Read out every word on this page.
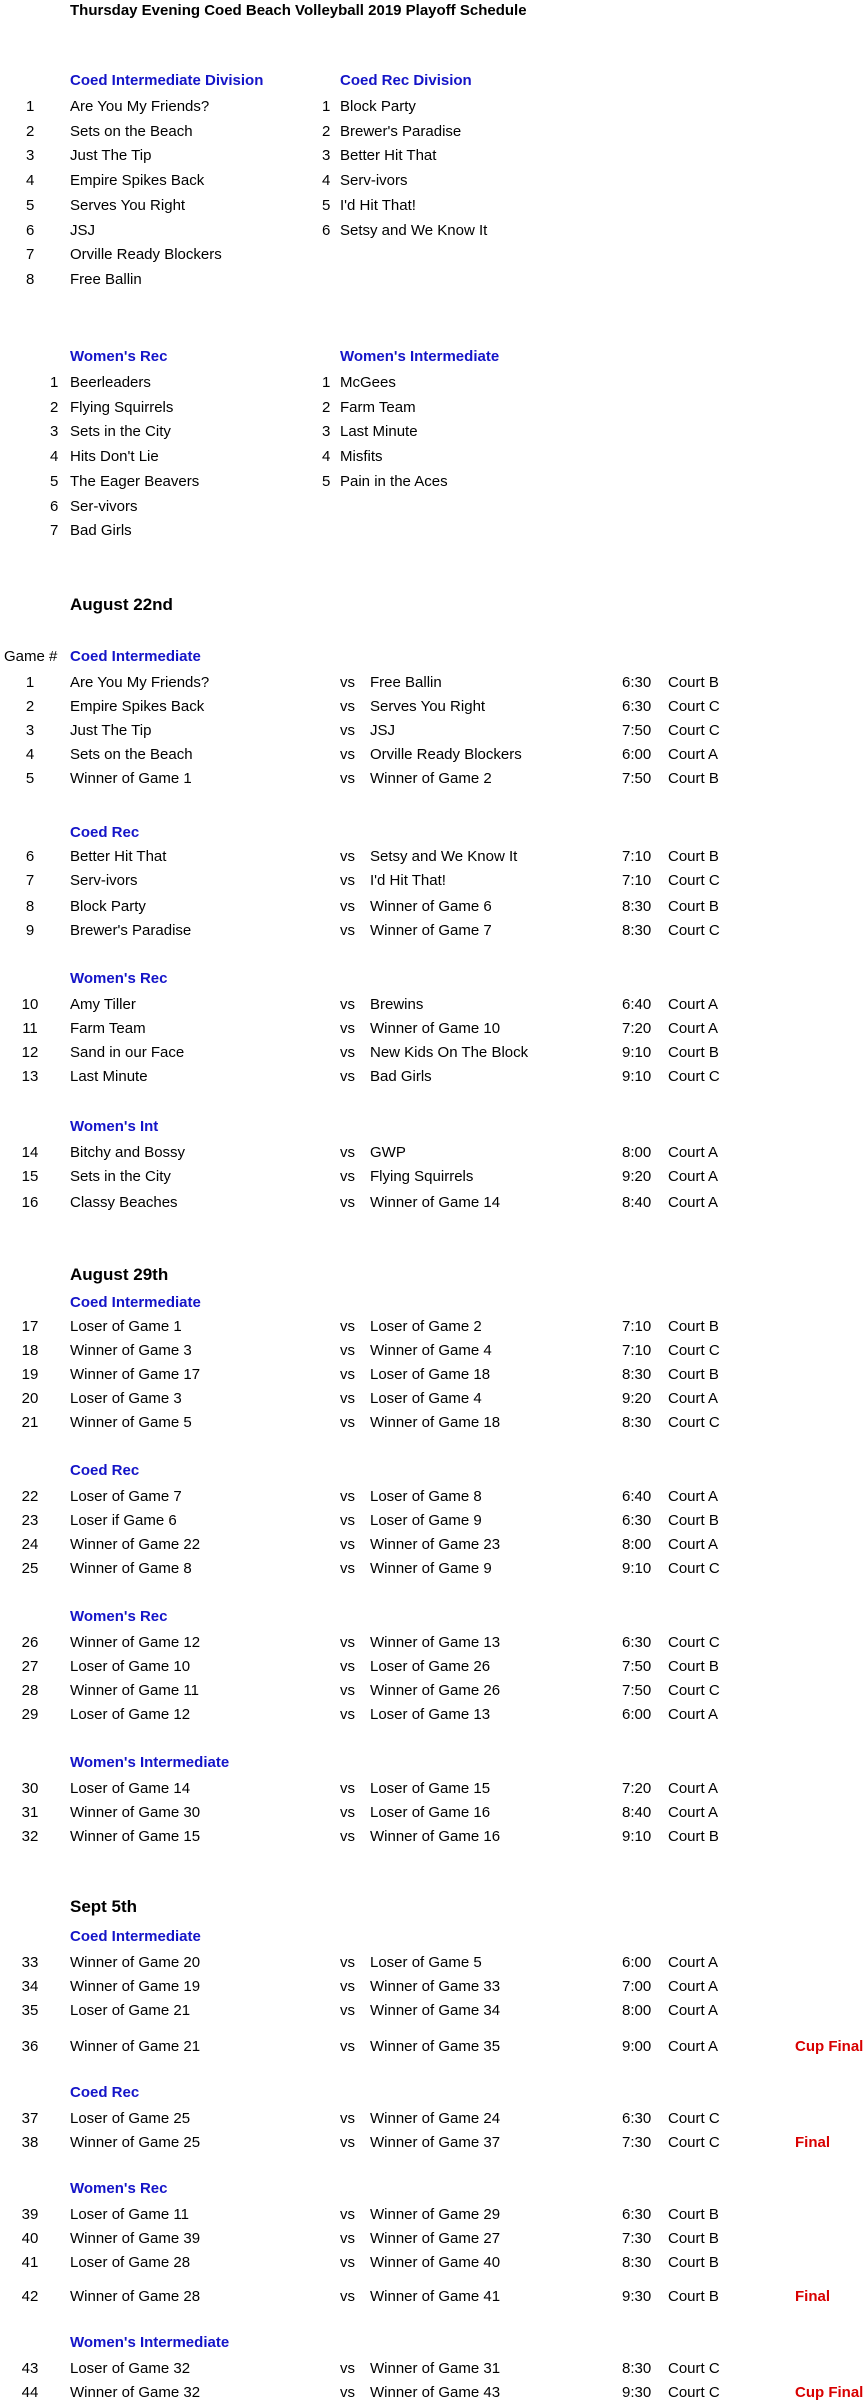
Thursday Evening Coed Beach Volleyball 2019 Playoff Schedule
Coed Intermediate Division
1 Are You My Friends?
2 Sets on the Beach
3 Just The Tip
4 Empire Spikes Back
5 Serves You Right
6 JSJ
7 Orville Ready Blockers
8 Free Ballin
Coed Rec Division
1 Block Party
2 Brewer's Paradise
3 Better Hit That
4 Serv-ivors
5 I'd Hit That!
6 Setsy and We Know It
Women's Rec
1 Beerleaders
2 Flying Squirrels
3 Sets in the City
4 Hits Don't Lie
5 The Eager Beavers
6 Ser-vivors
7 Bad Girls
Women's Intermediate
1 McGees
2 Farm Team
3 Last Minute
4 Misfits
5 Pain in the Aces
August 22nd
August 29th
Sept 5th
Game # Coed Intermediate
Coed Rec
Women's Rec
Women's Int
Coed Intermediate
Coed Rec
Women's Rec
Women's Intermediate
Coed Intermediate
Coed Rec
Women's Rec
Women's Intermediate
1	Are You My Friends?	vs Free Ballin	6:30 Court B
2	Empire Spikes Back	vs Serves You Right	6:30 Court C
3	Just The Tip	vs JSJ	7:50 Court C
4	Sets on the Beach	vs Orville Ready Blockers	6:00 Court A
5	Winner of Game 1	vs Winner of Game 2	7:50 Court B
6	Better Hit That	vs Setsy and We Know It	7:10 Court B
7	Serv-ivors	vs I'd Hit That!	7:10 Court C
8	Block Party	vs Winner of Game 6	8:30 Court B
9	Brewer's Paradise	vs Winner of Game 7	8:30 Court C
10	Amy Tiller	vs Brewins	6:40 Court A
11	Farm Team	vs Winner of Game 10	7:20 Court A
12	Sand in our Face	vs New Kids On The Block	9:10 Court B
13	Last Minute	vs Bad Girls	9:10 Court C
14	Bitchy and Bossy	vs GWP	8:00 Court A
15	Sets in the City	vs Flying Squirrels	9:20 Court A
16	Classy Beaches	vs Winner of Game 14	8:40 Court A
17	Loser of Game 1	vs Loser of Game 2	7:10 Court B
18	Winner of Game 3	vs Winner of Game 4	7:10 Court C
19	Winner of Game 17	vs Loser of Game 18	8:30 Court B
20	Loser of Game 3	vs Loser of Game 4	9:20 Court A
21	Winner of Game 5	vs Winner of Game 18	8:30 Court C
22	Loser of Game 7	vs Loser of Game 8	6:40 Court A
23	Loser if Game 6	vs Loser of Game 9	6:30 Court B
24	Winner of Game 22	vs Winner of Game 23	8:00 Court A
25	Winner of Game 8	vs Winner of Game 9	9:10 Court C
26	Winner of Game 12	vs Winner of Game 13	6:30 Court C
27	Loser of Game 10	vs Loser of Game 26	7:50 Court B
28	Winner of Game 11	vs Winner of Game 26	7:50 Court C
29	Loser of Game 12	vs Loser of Game 13	6:00 Court A
30	Loser of Game 14	vs Loser of Game 15	7:20 Court A
31	Winner of Game 30	vs Loser of Game 16	8:40 Court A
32	Winner of Game 15	vs Winner of Game 16	9:10 Court B
33	Winner of Game 20	vs Loser of Game 5	6:00 Court A
34	Winner of Game 19	vs Winner of Game 33	7:00 Court A
35	Loser of Game 21	vs Winner of Game 34	8:00 Court A
36	Winner of Game 21	vs Winner of Game 35	9:00 Court A	Cup Final
37	Loser of Game 25	vs Winner of Game 24	6:30 Court C
38	Winner of Game 25	vs Winner of Game 37	7:30 Court C	Final
39	Loser of Game 11	vs Winner of Game 29	6:30 Court B
40	Winner of Game 39	vs Winner of Game 27	7:30 Court B
41	Loser of Game 28	vs Winner of Game 40	8:30 Court B
42	Winner of Game 28	vs Winner of Game 41	9:30 Court B	Final
43	Loser of Game 32	vs Winner of Game 31	8:30 Court C
44	Winner of Game 32	vs Winner of Game 43	9:30 Court C	Cup Final
